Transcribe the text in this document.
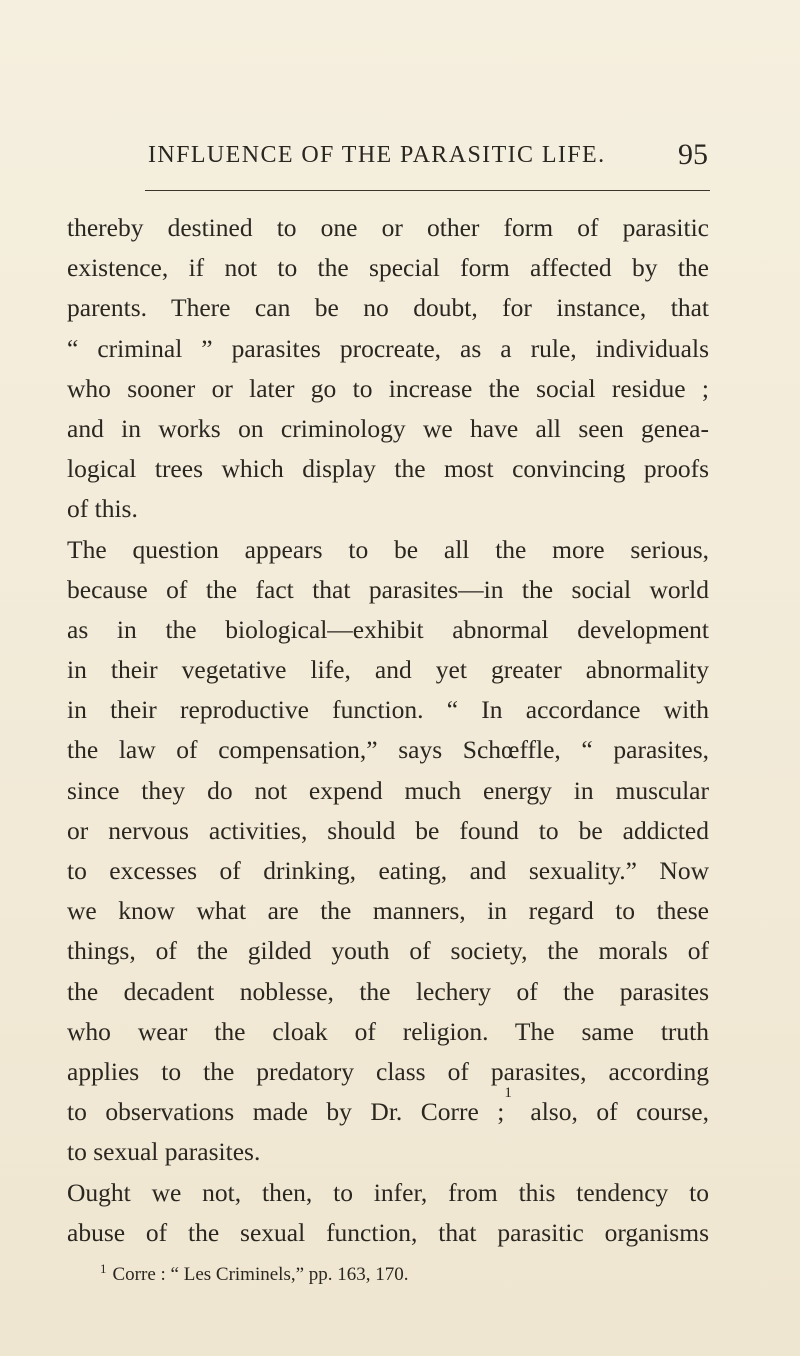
INFLUENCE OF THE PARASITIC LIFE. 95
thereby destined to one or other form of parasitic
existence, if not to the special form affected by the
parents. There can be no doubt, for instance, that
“ criminal ” parasites procreate, as a rule, individuals
who sooner or later go to increase the social residue ;
and in works on criminology we have all seen genea-
logical trees which display the most convincing proofs
of this.
The question appears to be all the more serious,
because of the fact that parasites—in the social world
as in the biological—exhibit abnormal development
in their vegetative life, and yet greater abnormality
in their reproductive function. “ In accordance with
the law of compensation,” says Schœffle, “ parasites,
since they do not expend much energy in muscular
or nervous activities, should be found to be addicted
to excesses of drinking, eating, and sexuality.” Now
we know what are the manners, in regard to these
things, of the gilded youth of society, the morals of
the decadent noblesse, the lechery of the parasites
who wear the cloak of religion. The same truth
applies to the predatory class of parasites, according
to observations made by Dr. Corre ;$^1$ also, of course,
to sexual parasites.
Ought we not, then, to infer, from this tendency to
abuse of the sexual function, that parasitic organisms
$^1$ Corre : “ Les Criminels,” pp. 163, 170.
